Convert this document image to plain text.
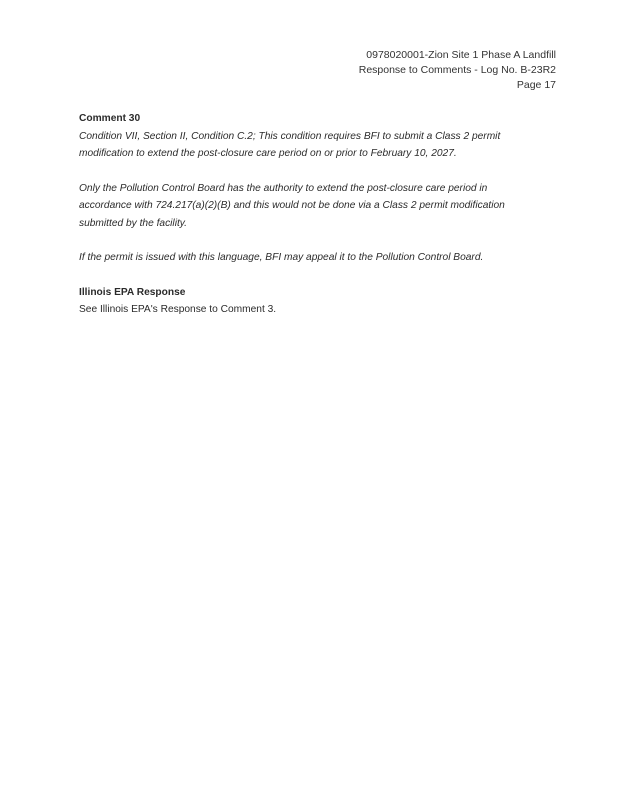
0978020001-Zion Site 1 Phase A Landfill
Response to Comments - Log No. B-23R2
Page 17

Comment 30

Condition VII, Section II, Condition C.2; This condition requires BFI to submit a Class 2 permit

modification to extend the post-closure care period on or prior to February 10, 2027.

Only the Pollution Control Board has the authority to extend the post-closure care period in

accordance with 724.217(a)(2)(B) and this would not be done via a Class 2 permit modification

submitted by the facility.

If the permit is issued with this language, BFI may appeal it to the Pollution Control Board.

Illinois EPA Response

See Illinois EPA's Response to Comment 3.
